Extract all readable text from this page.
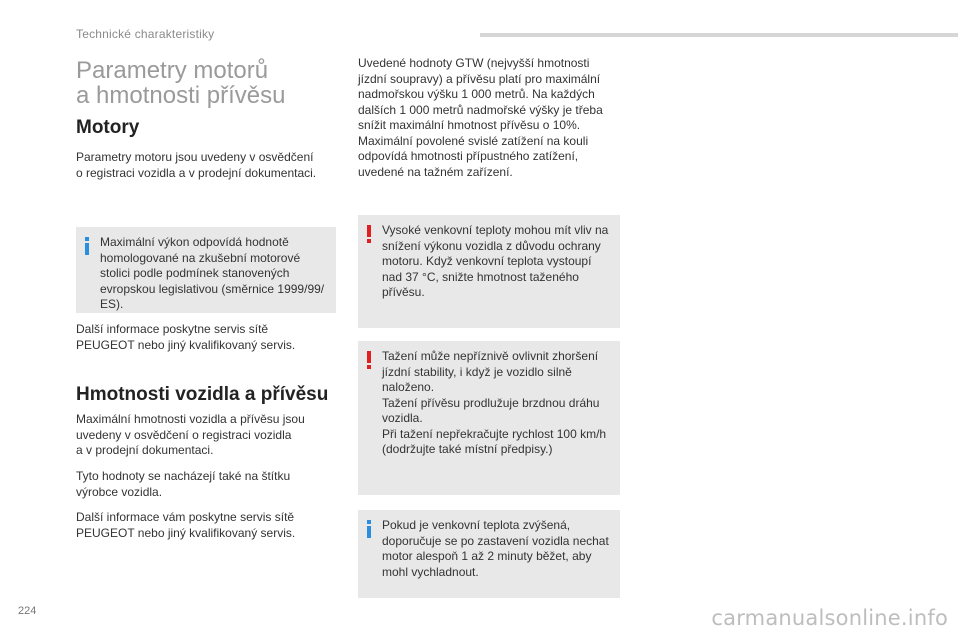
Technické charakteristiky
Parametry motorů
a hmotnosti přívěsu
Motory

Parametry motoru jsou uvedeny v osvědčení
o registraci vozidla a v prodejní dokumentaci.

Maximální výkon odpovídá hodnotě
homologované na zkušební motorové
stolici podle podmínek stanovených
evropskou legislativou (směrnice 1999/99/
ES).

Další informace poskytne servis sítě
PEUGEOT nebo jiný kvalifikovaný servis.

Hmotnosti vozidla a přívěsu

Maximální hmotnosti vozidla a přívěsu jsou
uvedeny v osvědčení o registraci vozidla
a v prodejní dokumentaci.

Tyto hodnoty se nacházejí také na štítku
výrobce vozidla.

Další informace vám poskytne servis sítě
PEUGEOT nebo jiný kvalifikovaný servis.

Uvedené hodnoty GTW (nejvyšší hmotnosti
jízdní soupravy) a přívěsu platí pro maximální
nadmořskou výšku 1 000 metrů. Na každých
dalších 1 000 metrů nadmořské výšky je třeba
snížit maximální hmotnost přívěsu o 10%.
Maximální povolené svislé zatížení na kouli
odpovídá hmotnosti přípustného zatížení,
uvedené na tažném zařízení.

Vysoké venkovní teploty mohou mít vliv na
snížení výkonu vozidla z důvodu ochrany
motoru. Když venkovní teplota vystoupí
nad 37 °C, snižte hmotnost taženého
přívěsu.

Tažení může nepříznivě ovlivnit zhoršení
jízdní stability, i když je vozidlo silně
naloženo.
Tažení přívěsu prodlužuje brzdnou dráhu
vozidla.
Při tažení nepřekračujte rychlost 100 km/h
(dodržujte také místní předpisy.)

Pokud je venkovní teplota zvýšená,
doporučuje se po zastavení vozidla nechat
motor alespoň 1 až 2 minuty běžet, aby
mohl vychladnout.

224	carmanualsonline.info
